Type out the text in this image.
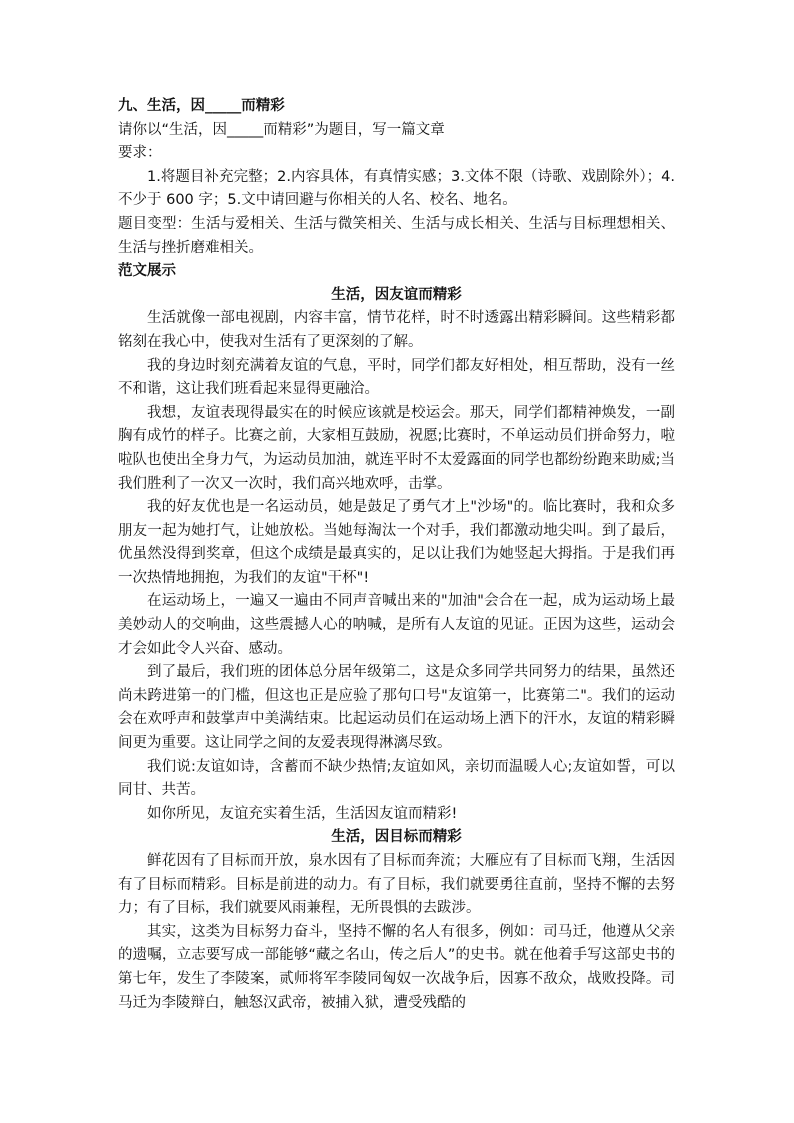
九、生活，因_____而精彩

请你以“生活，因_____而精彩”为题目，写一篇文章

要求：

1.将题目补充完整；2.内容具体，有真情实感；3.文体不限（诗歌、戏剧除外）；4.不少于 600 字；5.文中请回避与你相关的人名、校名、地名。

题目变型：生活与爱相关、生活与微笑相关、生活与成长相关、生活与目标理想相关、生活与挫折磨难相关。

范文展示

生活，因友谊而精彩

生活就像一部电视剧，内容丰富，情节花样，时不时透露出精彩瞬间。这些精彩都铭刻在我心中，使我对生活有了更深刻的了解。

我的身边时刻充满着友谊的气息，平时，同学们都友好相处，相互帮助，没有一丝不和谐，这让我们班看起来显得更融洽。

我想，友谊表现得最实在的时候应该就是校运会。那天，同学们都精神焕发，一副胸有成竹的样子。比赛之前，大家相互鼓励，祝愿;比赛时，不单运动员们拼命努力，啦啦队也使出全身力气，为运动员加油，就连平时不太爱露面的同学也都纷纷跑来助威;当我们胜利了一次又一次时，我们高兴地欢呼，击掌。

我的好友优也是一名运动员，她是鼓足了勇气才上"沙场"的。临比赛时，我和众多朋友一起为她打气，让她放松。当她每淘汰一个对手，我们都激动地尖叫。到了最后，优虽然没得到奖章，但这个成绩是最真实的，足以让我们为她竖起大拇指。于是我们再一次热情地拥抱，为我们的友谊"干杯"!

在运动场上，一遍又一遍由不同声音喊出来的"加油"会合在一起，成为运动场上最美妙动人的交响曲，这些震撼人心的呐喊，是所有人友谊的见证。正因为这些，运动会才会如此令人兴奋、感动。

到了最后，我们班的团体总分居年级第二，这是众多同学共同努力的结果，虽然还尚未跨进第一的门槛，但这也正是应验了那句口号"友谊第一，比赛第二"。我们的运动会在欢呼声和鼓掌声中美满结束。比起运动员们在运动场上洒下的汗水，友谊的精彩瞬间更为重要。这让同学之间的友爱表现得淋漓尽致。

我们说:友谊如诗，含蓄而不缺少热情;友谊如风，亲切而温暖人心;友谊如誓，可以同甘、共苦。

如你所见，友谊充实着生活，生活因友谊而精彩!

生活，因目标而精彩

鲜花因有了目标而开放，泉水因有了目标而奔流；大雁应有了目标而飞翔，生活因有了目标而精彩。目标是前进的动力。有了目标，我们就要勇往直前，坚持不懈的去努力；有了目标，我们就要风雨兼程，无所畏惧的去跋涉。

其实，这类为目标努力奋斗，坚持不懈的名人有很多，例如：司马迁，他遵从父亲的遗嘱，立志要写成一部能够“藏之名山，传之后人”的史书。就在他着手写这部史书的第七年，发生了李陵案，贰师将军李陵同匈奴一次战争后，因寡不敌众，战败投降。司马迁为李陵辩白，触怒汉武帝，被捕入狱，遭受残酷的
